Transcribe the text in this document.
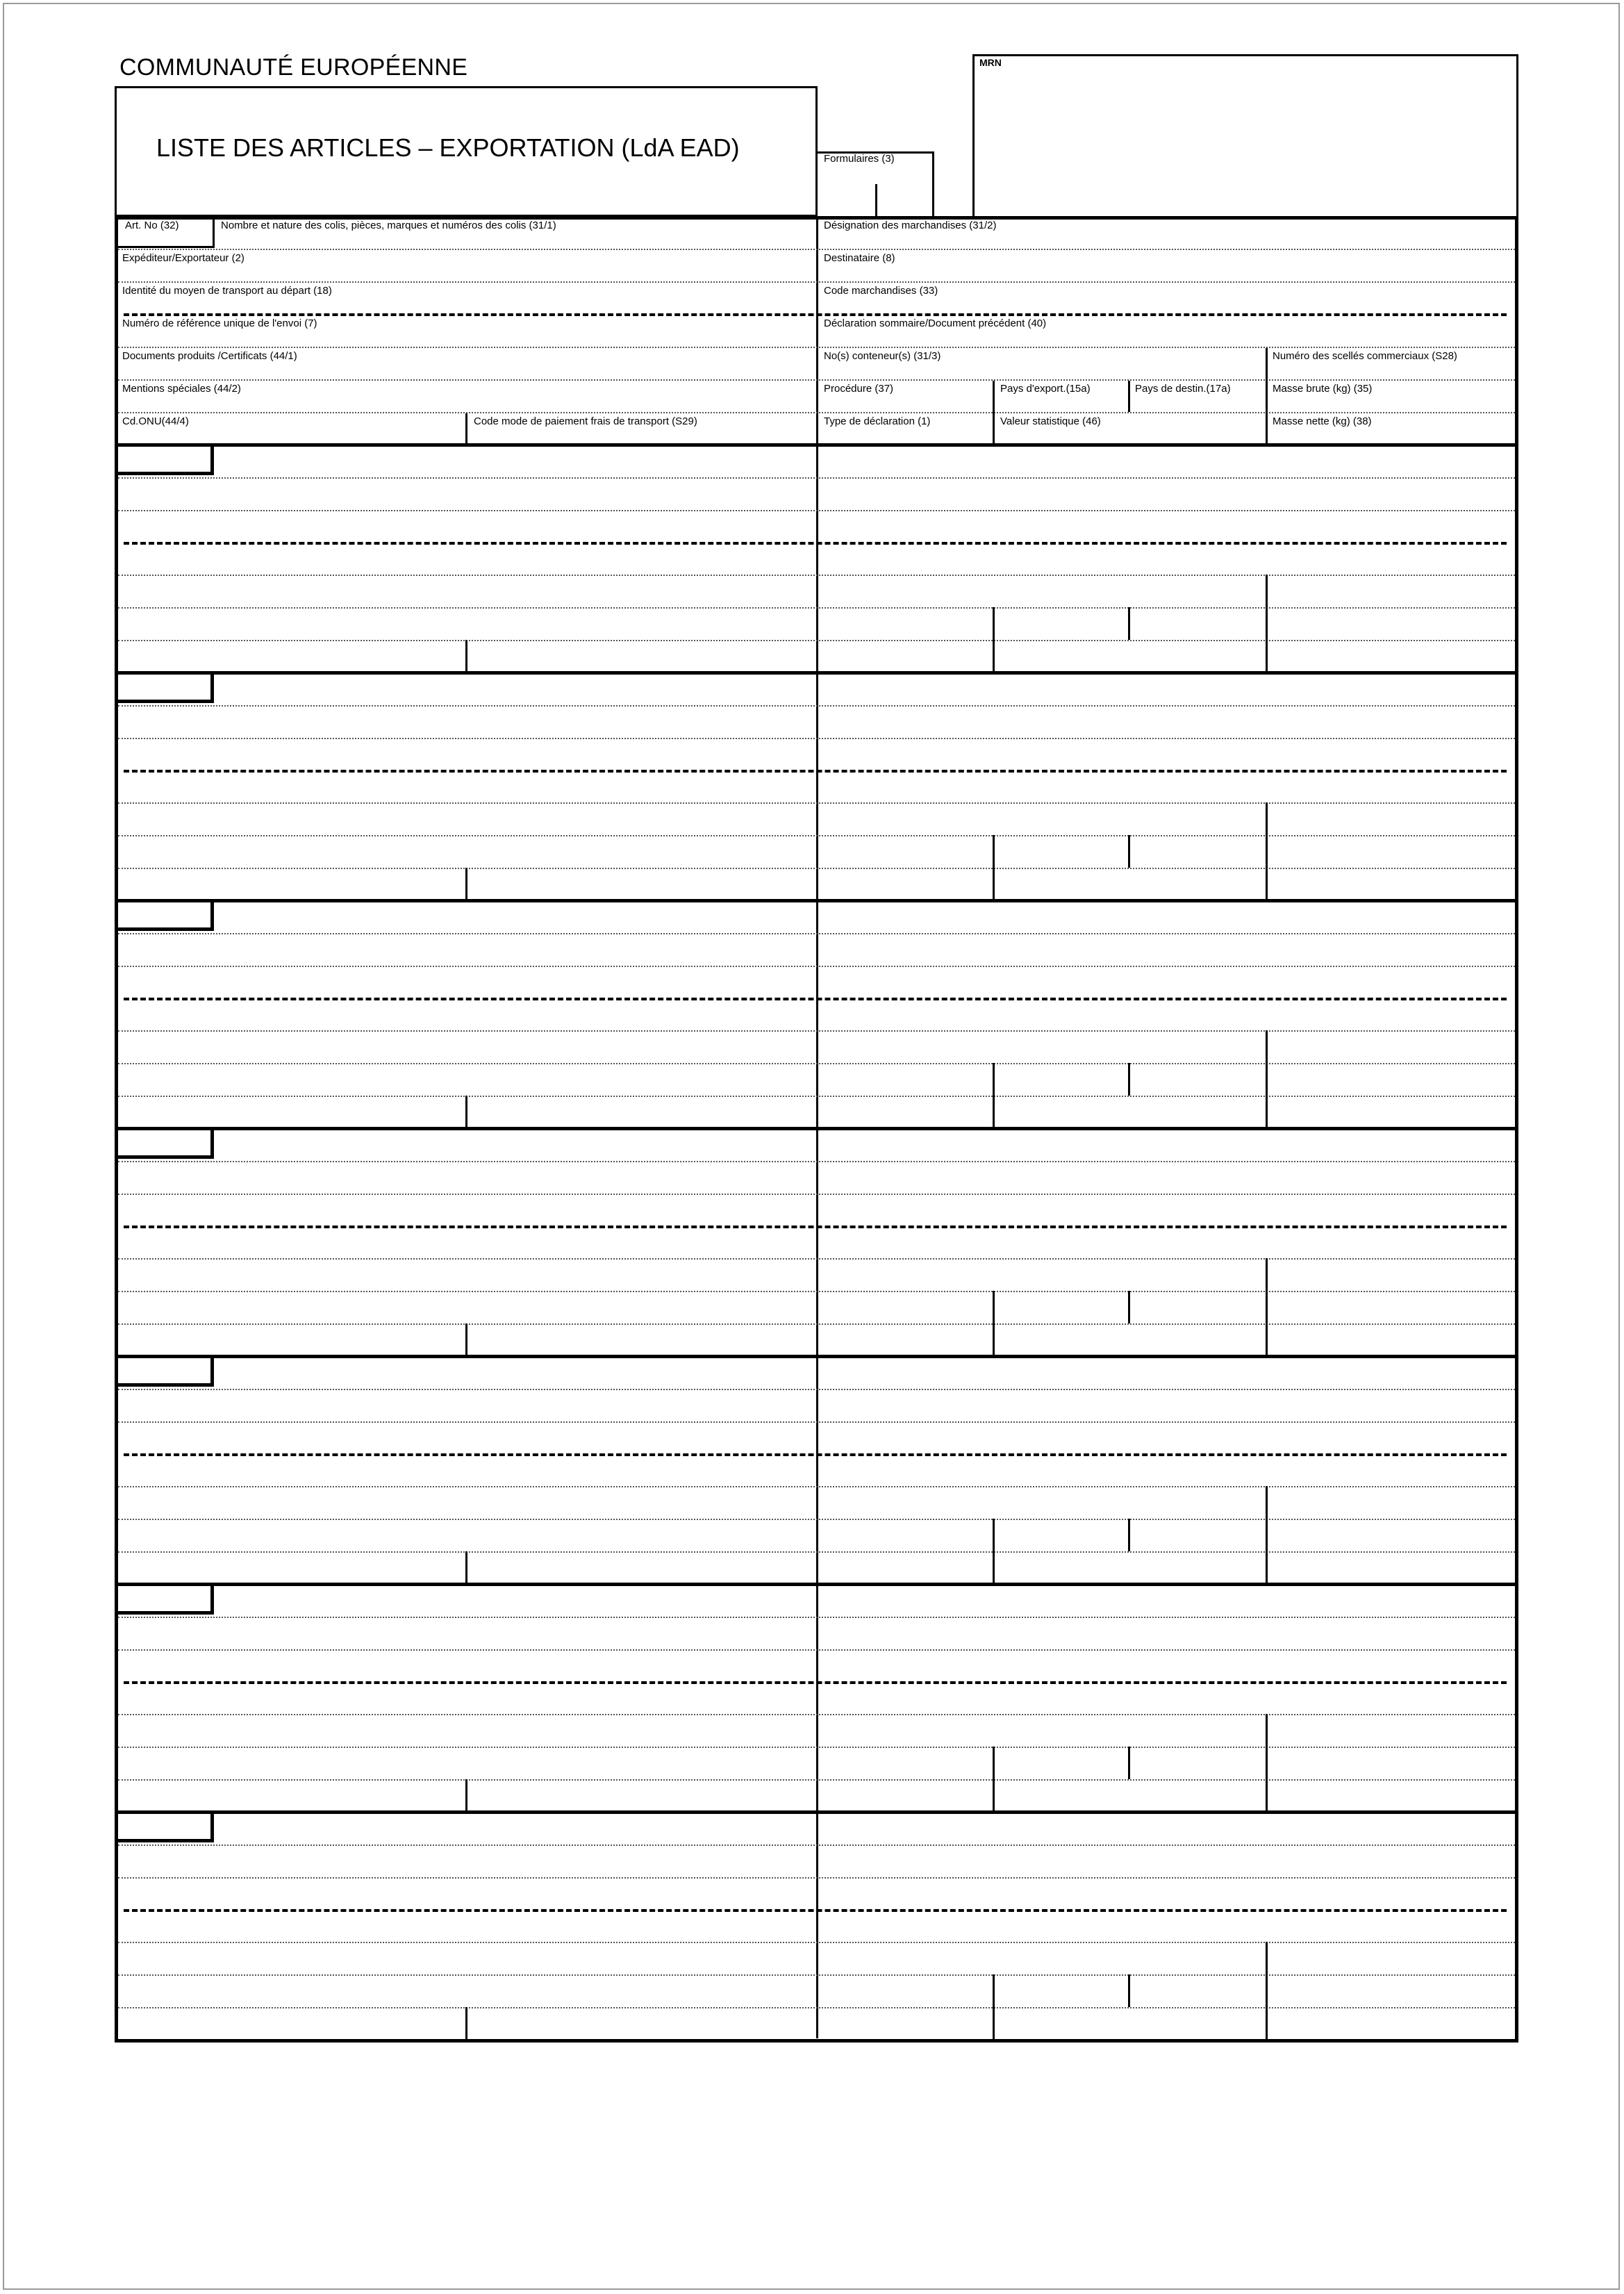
COMMUNAUTÉ EUROPÉENNE
LISTE DES ARTICLES – EXPORTATION (LdA EAD)	Formulaires (3)
MRN
Art. No (32)	Nombre et nature des colis, pièces, marques et numéros des colis (31/1)	Désignation des marchandises (31/2)
Expéditeur/Exportateur (2)	Destinataire (8)
Identité du moyen de transport au départ (18)	Code marchandises (33)
Numéro de référence unique de l'envoi (7)	Déclaration sommaire/Document précédent (40)
Documents produits /Certificats (44/1)	No(s) conteneur(s) (31/3)	Numéro des scellés commerciaux (S28)
Mentions spéciales (44/2)	Procédure (37)	Pays d'export.(15a)	Pays de destin.(17a)	Masse brute (kg) (35)
Cd.ONU(44/4)	Code mode de paiement frais de transport (S29)	Type de déclaration (1)	Valeur statistique (46)	Masse nette (kg) (38)
